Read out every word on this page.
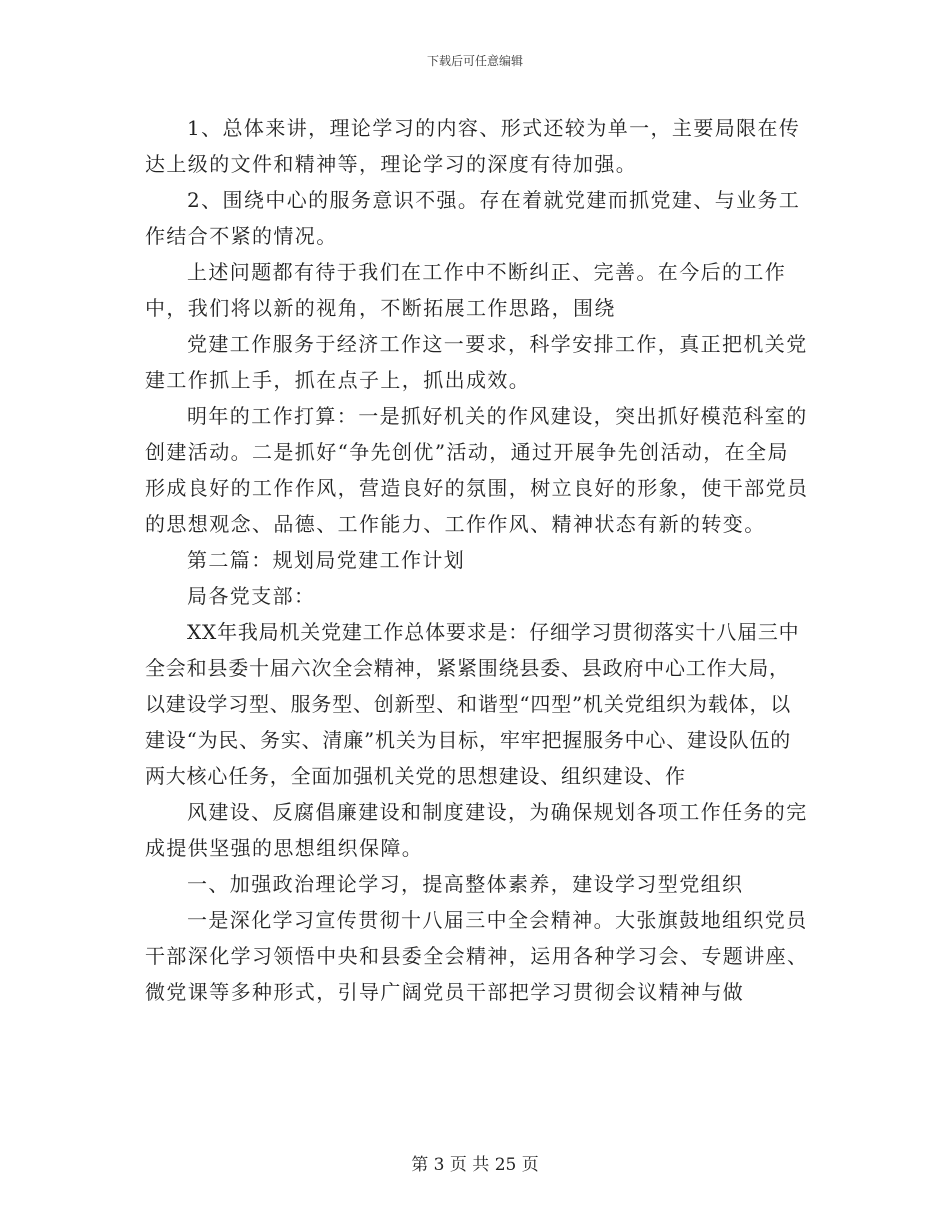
下载后可任意编辑

1、总体来讲，理论学习的内容、形式还较为单一，主要局限在传达上级的文件和精神等，理论学习的深度有待加强。

2、围绕中心的服务意识不强。存在着就党建而抓党建、与业务工作结合不紧的情况。

上述问题都有待于我们在工作中不断纠正、完善。在今后的工作中，我们将以新的视角，不断拓展工作思路，围绕

党建工作服务于经济工作这一要求，科学安排工作，真正把机关党建工作抓上手，抓在点子上，抓出成效。

明年的工作打算：一是抓好机关的作风建设，突出抓好模范科室的创建活动。二是抓好“争先创优”活动，通过开展争先创活动，在全局形成良好的工作作风，营造良好的氛围，树立良好的形象，使干部党员的思想观念、品德、工作能力、工作作风、精神状态有新的转变。

第二篇：规划局党建工作计划

局各党支部：

XX年我局机关党建工作总体要求是：仔细学习贯彻落实十八届三中全会和县委十届六次全会精神，紧紧围绕县委、县政府中心工作大局，以建设学习型、服务型、创新型、和谐型“四型”机关党组织为载体，以建设“为民、务实、清廉”机关为目标，牢牢把握服务中心、建设队伍的两大核心任务，全面加强机关党的思想建设、组织建设、作

风建设、反腐倡廉建设和制度建设，为确保规划各项工作任务的完成提供坚强的思想组织保障。

一、加强政治理论学习，提高整体素养，建设学习型党组织

一是深化学习宣传贯彻十八届三中全会精神。大张旗鼓地组织党员干部深化学习领悟中央和县委全会精神，运用各种学习会、专题讲座、微党课等多种形式，引导广阔党员干部把学习贯彻会议精神与做

第 3 页 共 25 页
